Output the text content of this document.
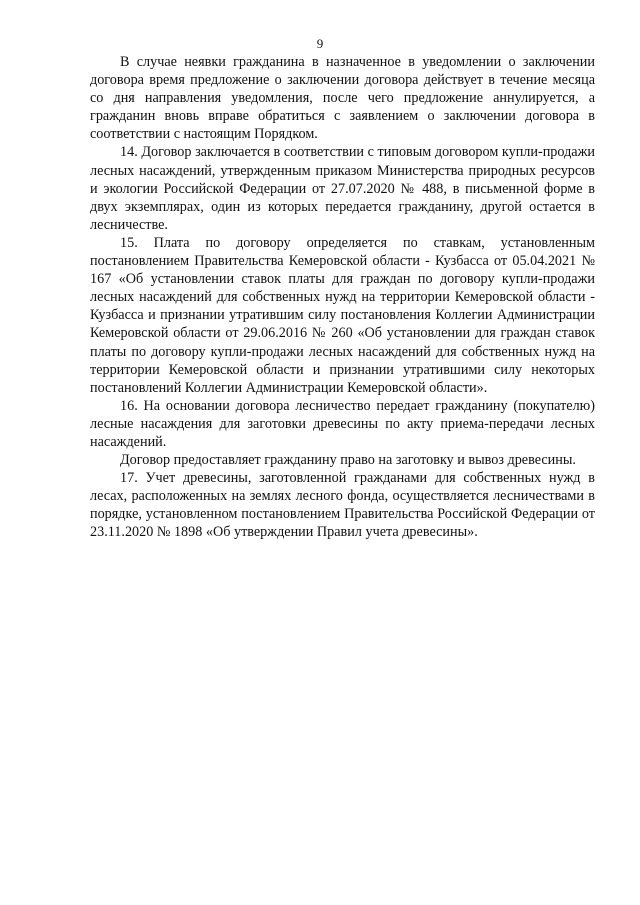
9

В случае неявки гражданина в назначенное в уведомлении о заключении договора время предложение о заключении договора действует в течение месяца со дня направления уведомления, после чего предложение аннулируется, а гражданин вновь вправе обратиться с заявлением о заключении договора в соответствии с настоящим Порядком.

14. Договор заключается в соответствии с типовым договором купли-продажи лесных насаждений, утвержденным приказом Министерства природных ресурсов и экологии Российской Федерации от 27.07.2020 № 488, в письменной форме в двух экземплярах, один из которых передается гражданину, другой остается в лесничестве.

15. Плата по договору определяется по ставкам, установленным постановлением Правительства Кемеровской области - Кузбасса от 05.04.2021 № 167 «Об установлении ставок платы для граждан по договору купли-продажи лесных насаждений для собственных нужд на территории Кемеровской области - Кузбасса и признании утратившим силу постановления Коллегии Администрации Кемеровской области от 29.06.2016 № 260 «Об установлении для граждан ставок платы по договору купли-продажи лесных насаждений для собственных нужд на территории Кемеровской области и признании утратившими силу некоторых постановлений Коллегии Администрации Кемеровской области».

16. На основании договора лесничество передает гражданину (покупателю) лесные насаждения для заготовки древесины по акту приема-передачи лесных насаждений.

Договор предоставляет гражданину право на заготовку и вывоз древесины.

17. Учет древесины, заготовленной гражданами для собственных нужд в лесах, расположенных на землях лесного фонда, осуществляется лесничествами в порядке, установленном постановлением Правительства Российской Федерации от 23.11.2020 № 1898 «Об утверждении Правил учета древесины».
